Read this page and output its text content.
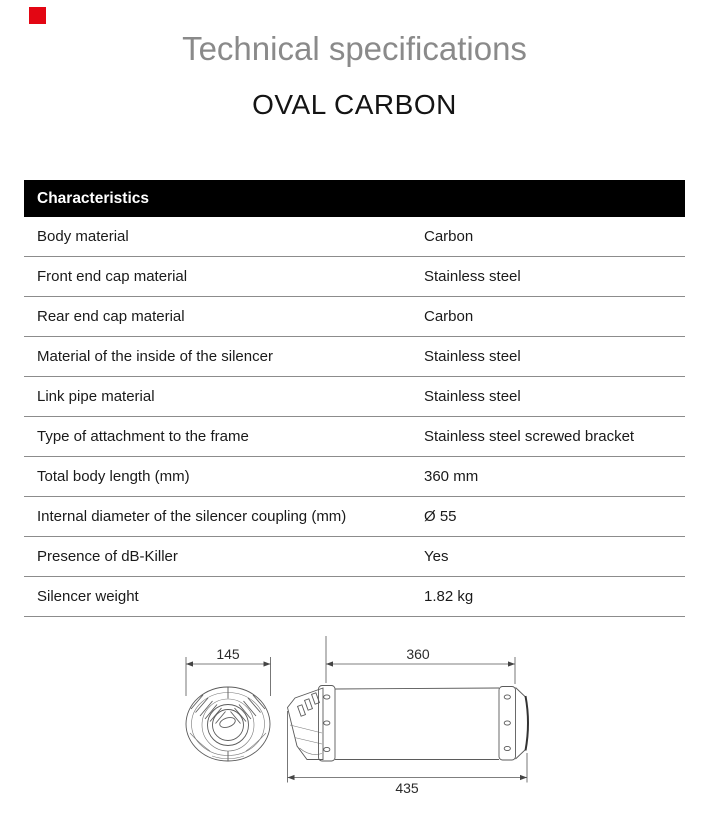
Technical specifications
OVAL CARBON
Characteristics
Body material	Carbon
Front end cap material	Stainless steel
Rear end cap material	Carbon
Material of the inside of the silencer	Stainless steel
Link pipe material	Stainless steel
Type of attachment to the frame	Stainless steel screwed bracket
Total body length (mm)	360 mm
Internal diameter of the silencer coupling (mm)	Ø 55
Presence of dB-Killer	Yes
Silencer weight	1.82 kg
145	360
435
